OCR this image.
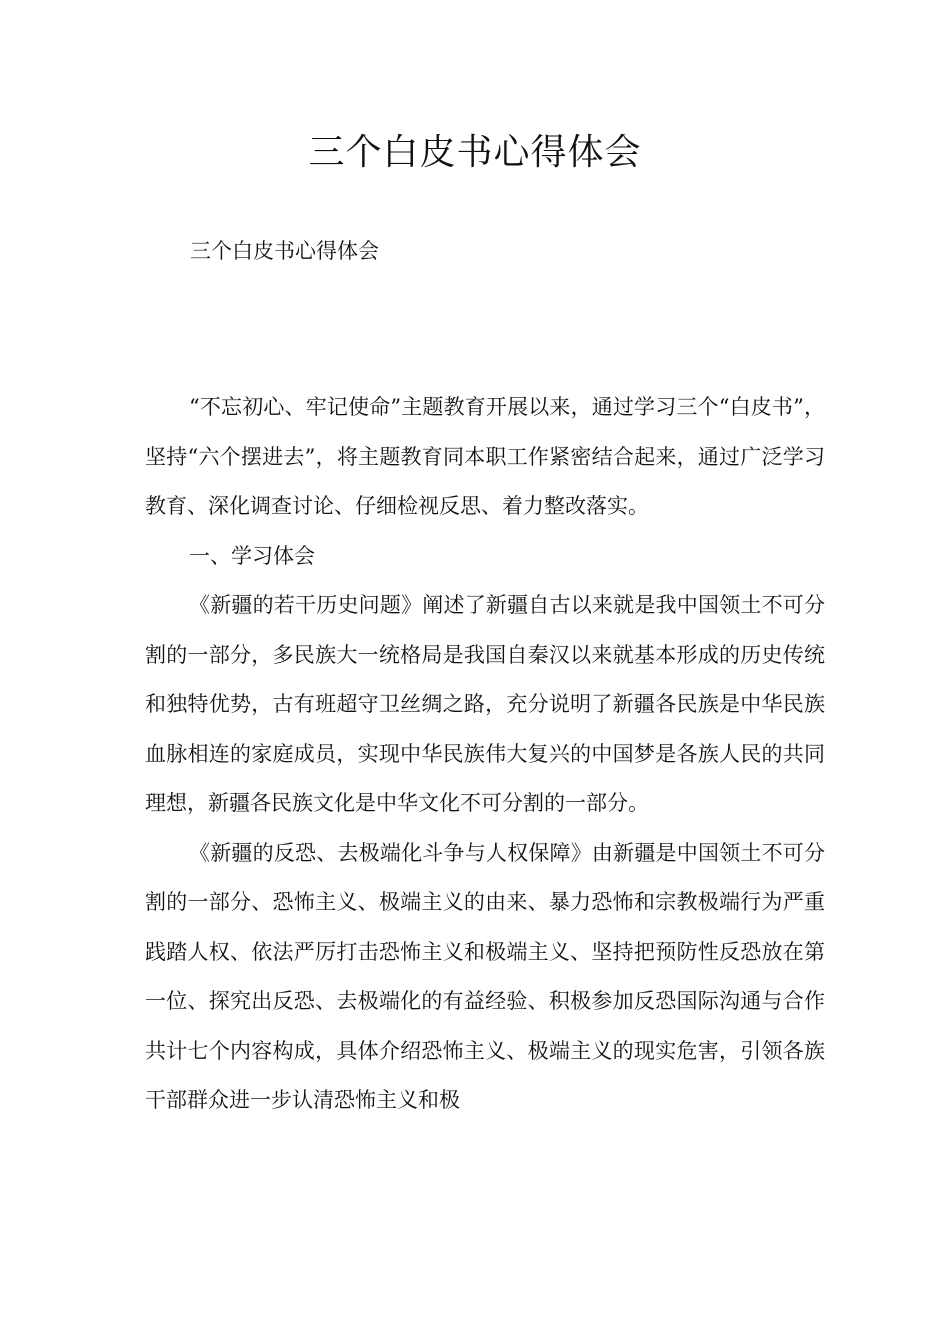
三个白皮书心得体会
三个白皮书心得体会

“不忘初心、牢记使命”主题教育开展以来，通过学习三个“白皮书”，坚持“六个摆进去”，将主题教育同本职工作紧密结合起来，通过广泛学习教育、深化调查讨论、仔细检视反思、着力整改落实。

一、学习体会

《新疆的若干历史问题》阐述了新疆自古以来就是我中国领土不可分割的一部分，多民族大一统格局是我国自秦汉以来就基本形成的历史传统和独特优势，古有班超守卫丝绸之路，充分说明了新疆各民族是中华民族血脉相连的家庭成员，实现中华民族伟大复兴的中国梦是各族人民的共同理想，新疆各民族文化是中华文化不可分割的一部分。

《新疆的反恐、去极端化斗争与人权保障》由新疆是中国领土不可分割的一部分、恐怖主义、极端主义的由来、暴力恐怖和宗教极端行为严重践踏人权、依法严厉打击恐怖主义和极端主义、坚持把预防性反恐放在第一位、探究出反恐、去极端化的有益经验、积极参加反恐国际沟通与合作共计七个内容构成，具体介绍恐怖主义、极端主义的现实危害，引领各族干部群众进一步认清恐怖主义和极
